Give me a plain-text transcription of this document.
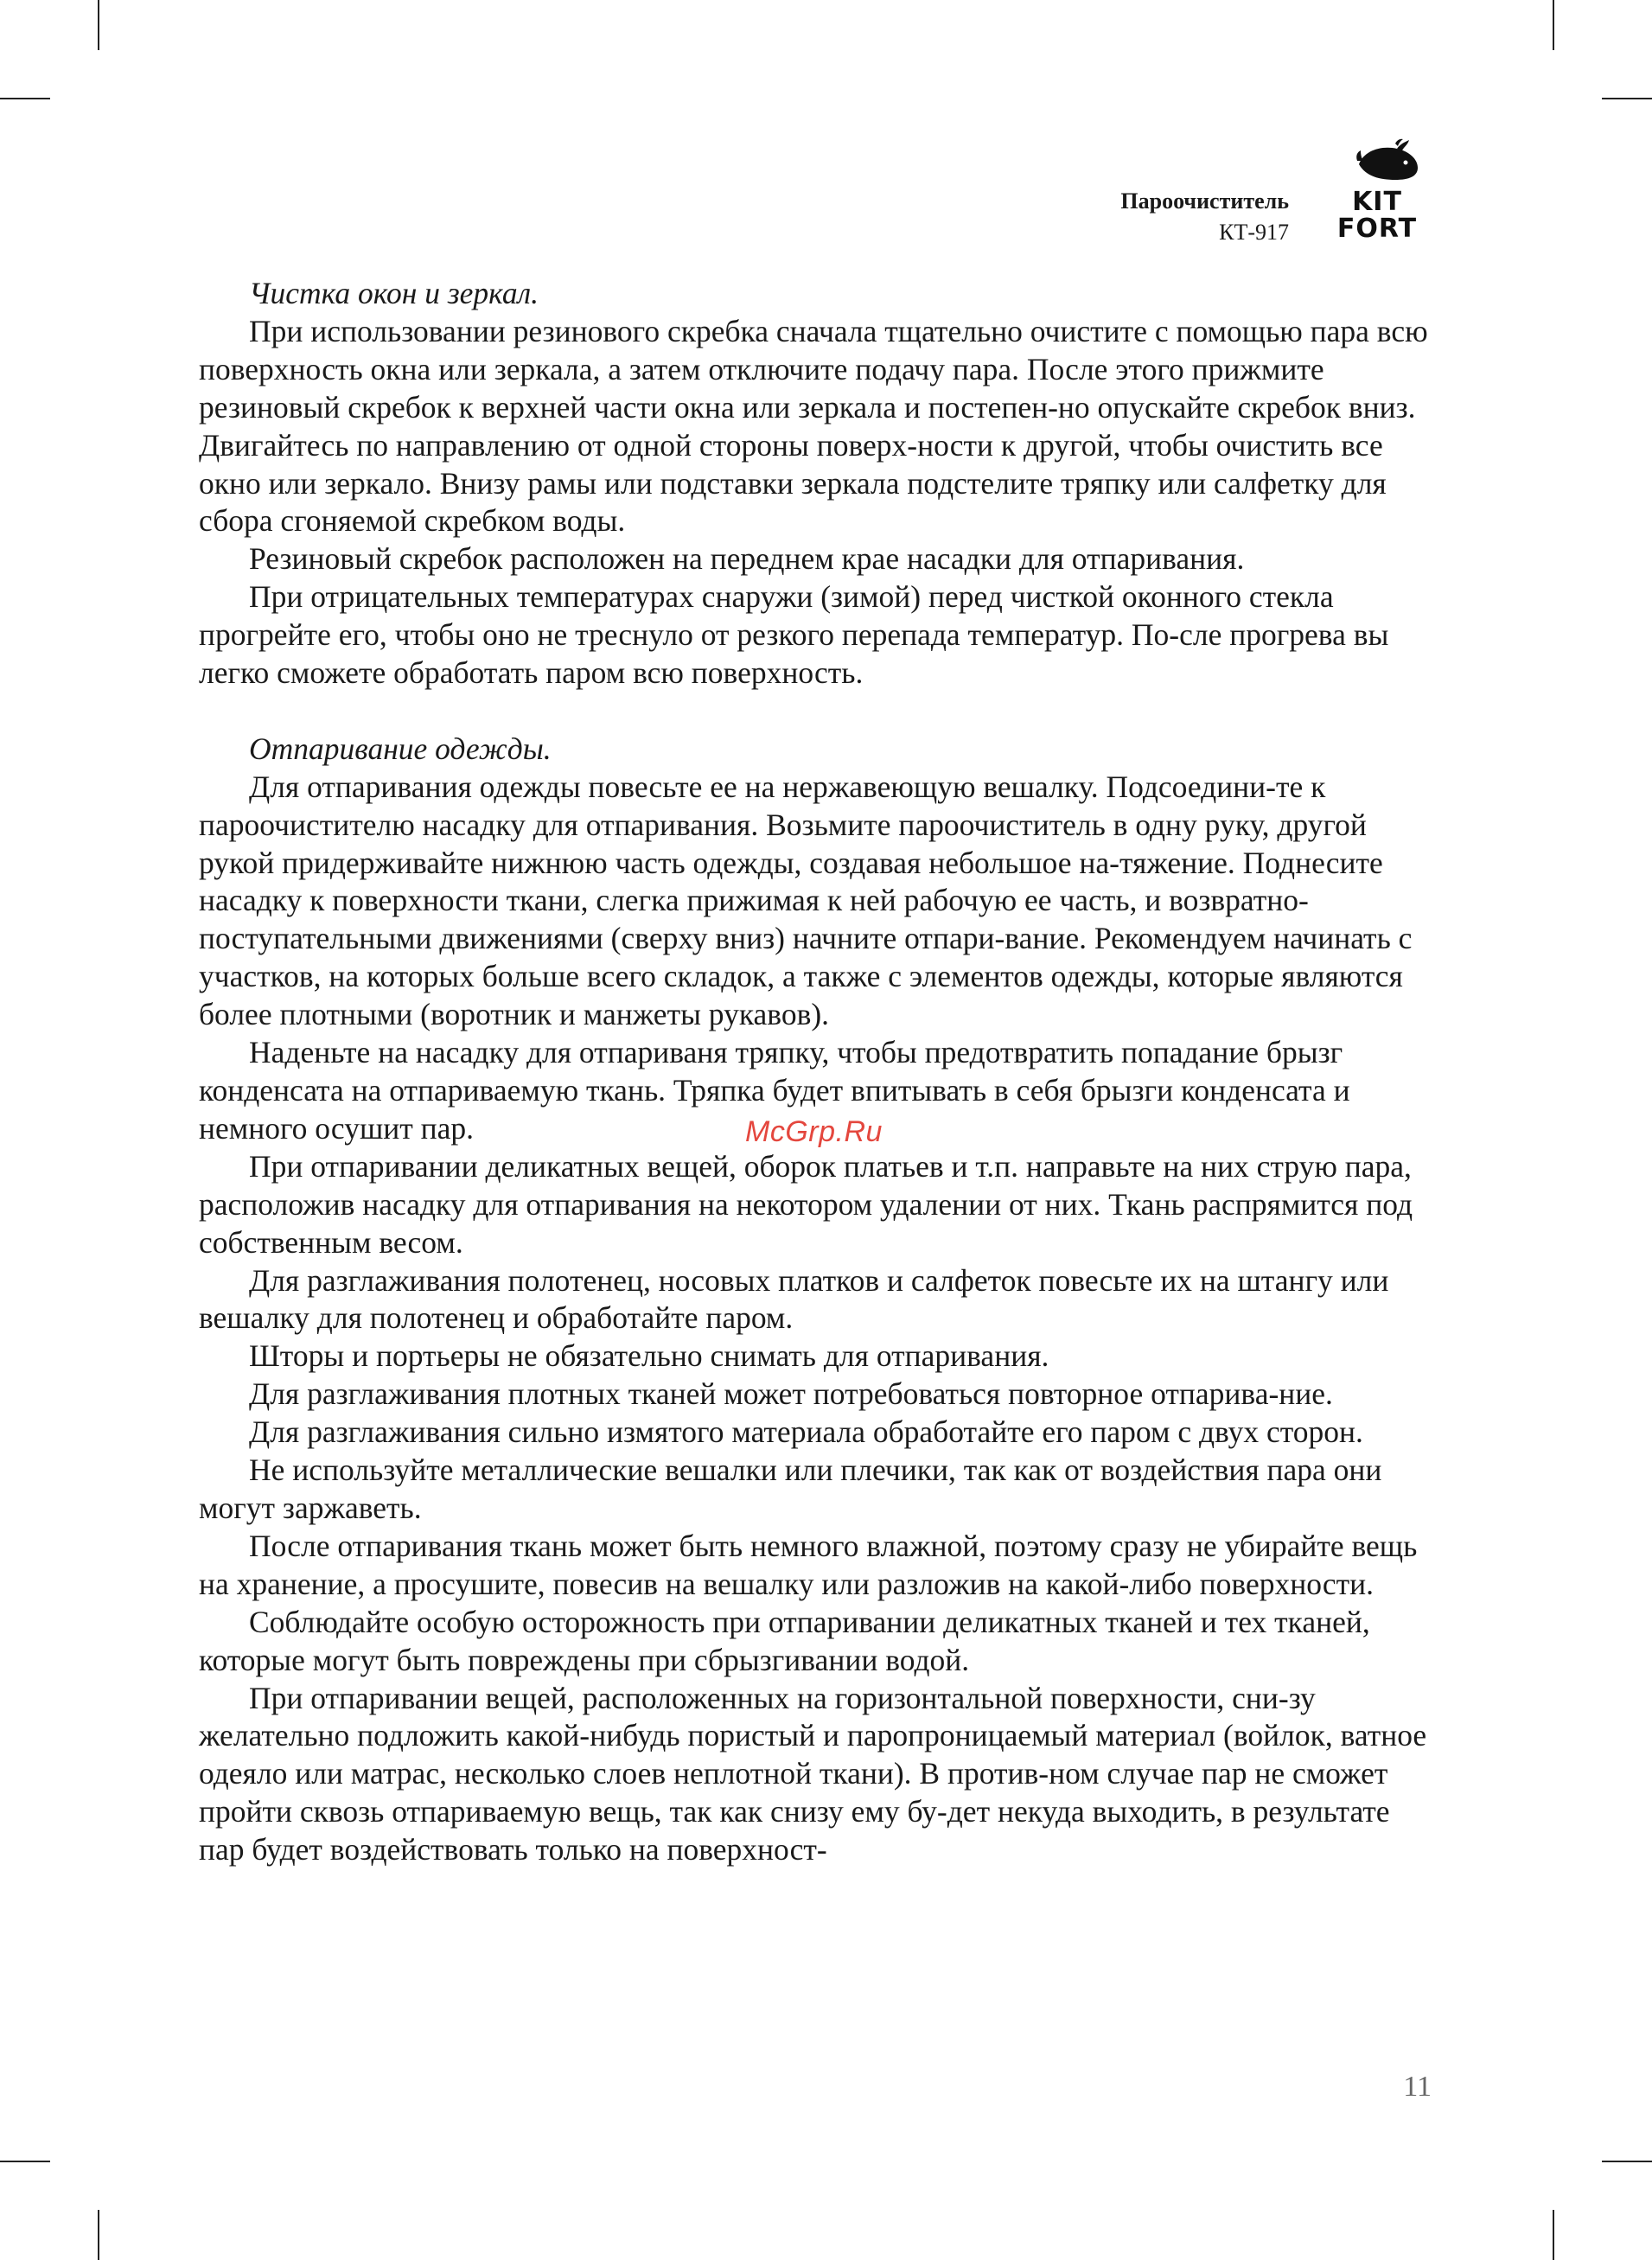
Пароочиститель
КТ-917
KIT
FORT

Чистка окон и зеркал.

При использовании резинового скребка сначала тщательно очистите с помощью пара всю поверхность окна или зеркала, а затем отключите подачу пара. После этого прижмите резиновый скребок к верхней части окна или зеркала и постепен-но опускайте скребок вниз. Двигайтесь по направлению от одной стороны поверх-ности к другой, чтобы очистить все окно или зеркало. Внизу рамы или подставки зеркала подстелите тряпку или салфетку для сбора сгоняемой скребком воды.

Резиновый скребок расположен на переднем крае насадки для отпаривания.

При отрицательных температурах снаружи (зимой) перед чисткой оконного стекла прогрейте его, чтобы оно не треснуло от резкого перепада температур. По-сле прогрева вы легко сможете обработать паром всю поверхность.

Отпаривание одежды.

Для отпаривания одежды повесьте ее на нержавеющую вешалку. Подсоедини-те к пароочистителю насадку для отпаривания. Возьмите пароочиститель в одну руку, другой рукой придерживайте нижнюю часть одежды, создавая небольшое на-тяжение. Поднесите насадку к поверхности ткани, слегка прижимая к ней рабочую ее часть, и возвратно-поступательными движениями (сверху вниз) начните отпари-вание. Рекомендуем начинать с участков, на которых больше всего складок, а также с элементов одежды, которые являются более плотными (воротник и манжеты рукавов).

Наденьте на насадку для отпариваня тряпку, чтобы предотвратить попадание брызг конденсата на отпариваемую ткань. Тряпка будет впитывать в себя брызги конденсата и немного осушит пар.

При отпаривании деликатных вещей, оборок платьев и т.п. направьте на них струю пара, расположив насадку для отпаривания на некотором удалении от них. Ткань распрямится под собственным весом.

Для разглаживания полотенец, носовых платков и салфеток повесьте их на штангу или вешалку для полотенец и обработайте паром.

Шторы и портьеры не обязательно снимать для отпаривания.

Для разглаживания плотных тканей может потребоваться повторное отпарива-ние.

Для разглаживания сильно измятого материала обработайте его паром с двух сторон.

Не используйте металлические вешалки или плечики, так как от воздействия пара они могут заржаветь.

После отпаривания ткань может быть немного влажной, поэтому сразу не убирайте вещь на хранение, а просушите, повесив на вешалку или разложив на какой-либо поверхности.

Соблюдайте особую осторожность при отпаривании деликатных тканей и тех тканей, которые могут быть повреждены при сбрызгивании водой.

При отпаривании вещей, расположенных на горизонтальной поверхности, сни-зу желательно подложить какой-нибудь пористый и паропроницаемый материал (войлок, ватное одеяло или матрас, несколько слоев неплотной ткани). В против-ном случае пар не сможет пройти сквозь отпариваемую вещь, так как снизу ему бу-дет некуда выходить, в результате пар будет воздействовать только на поверхност-

McGrp.Ru
11
